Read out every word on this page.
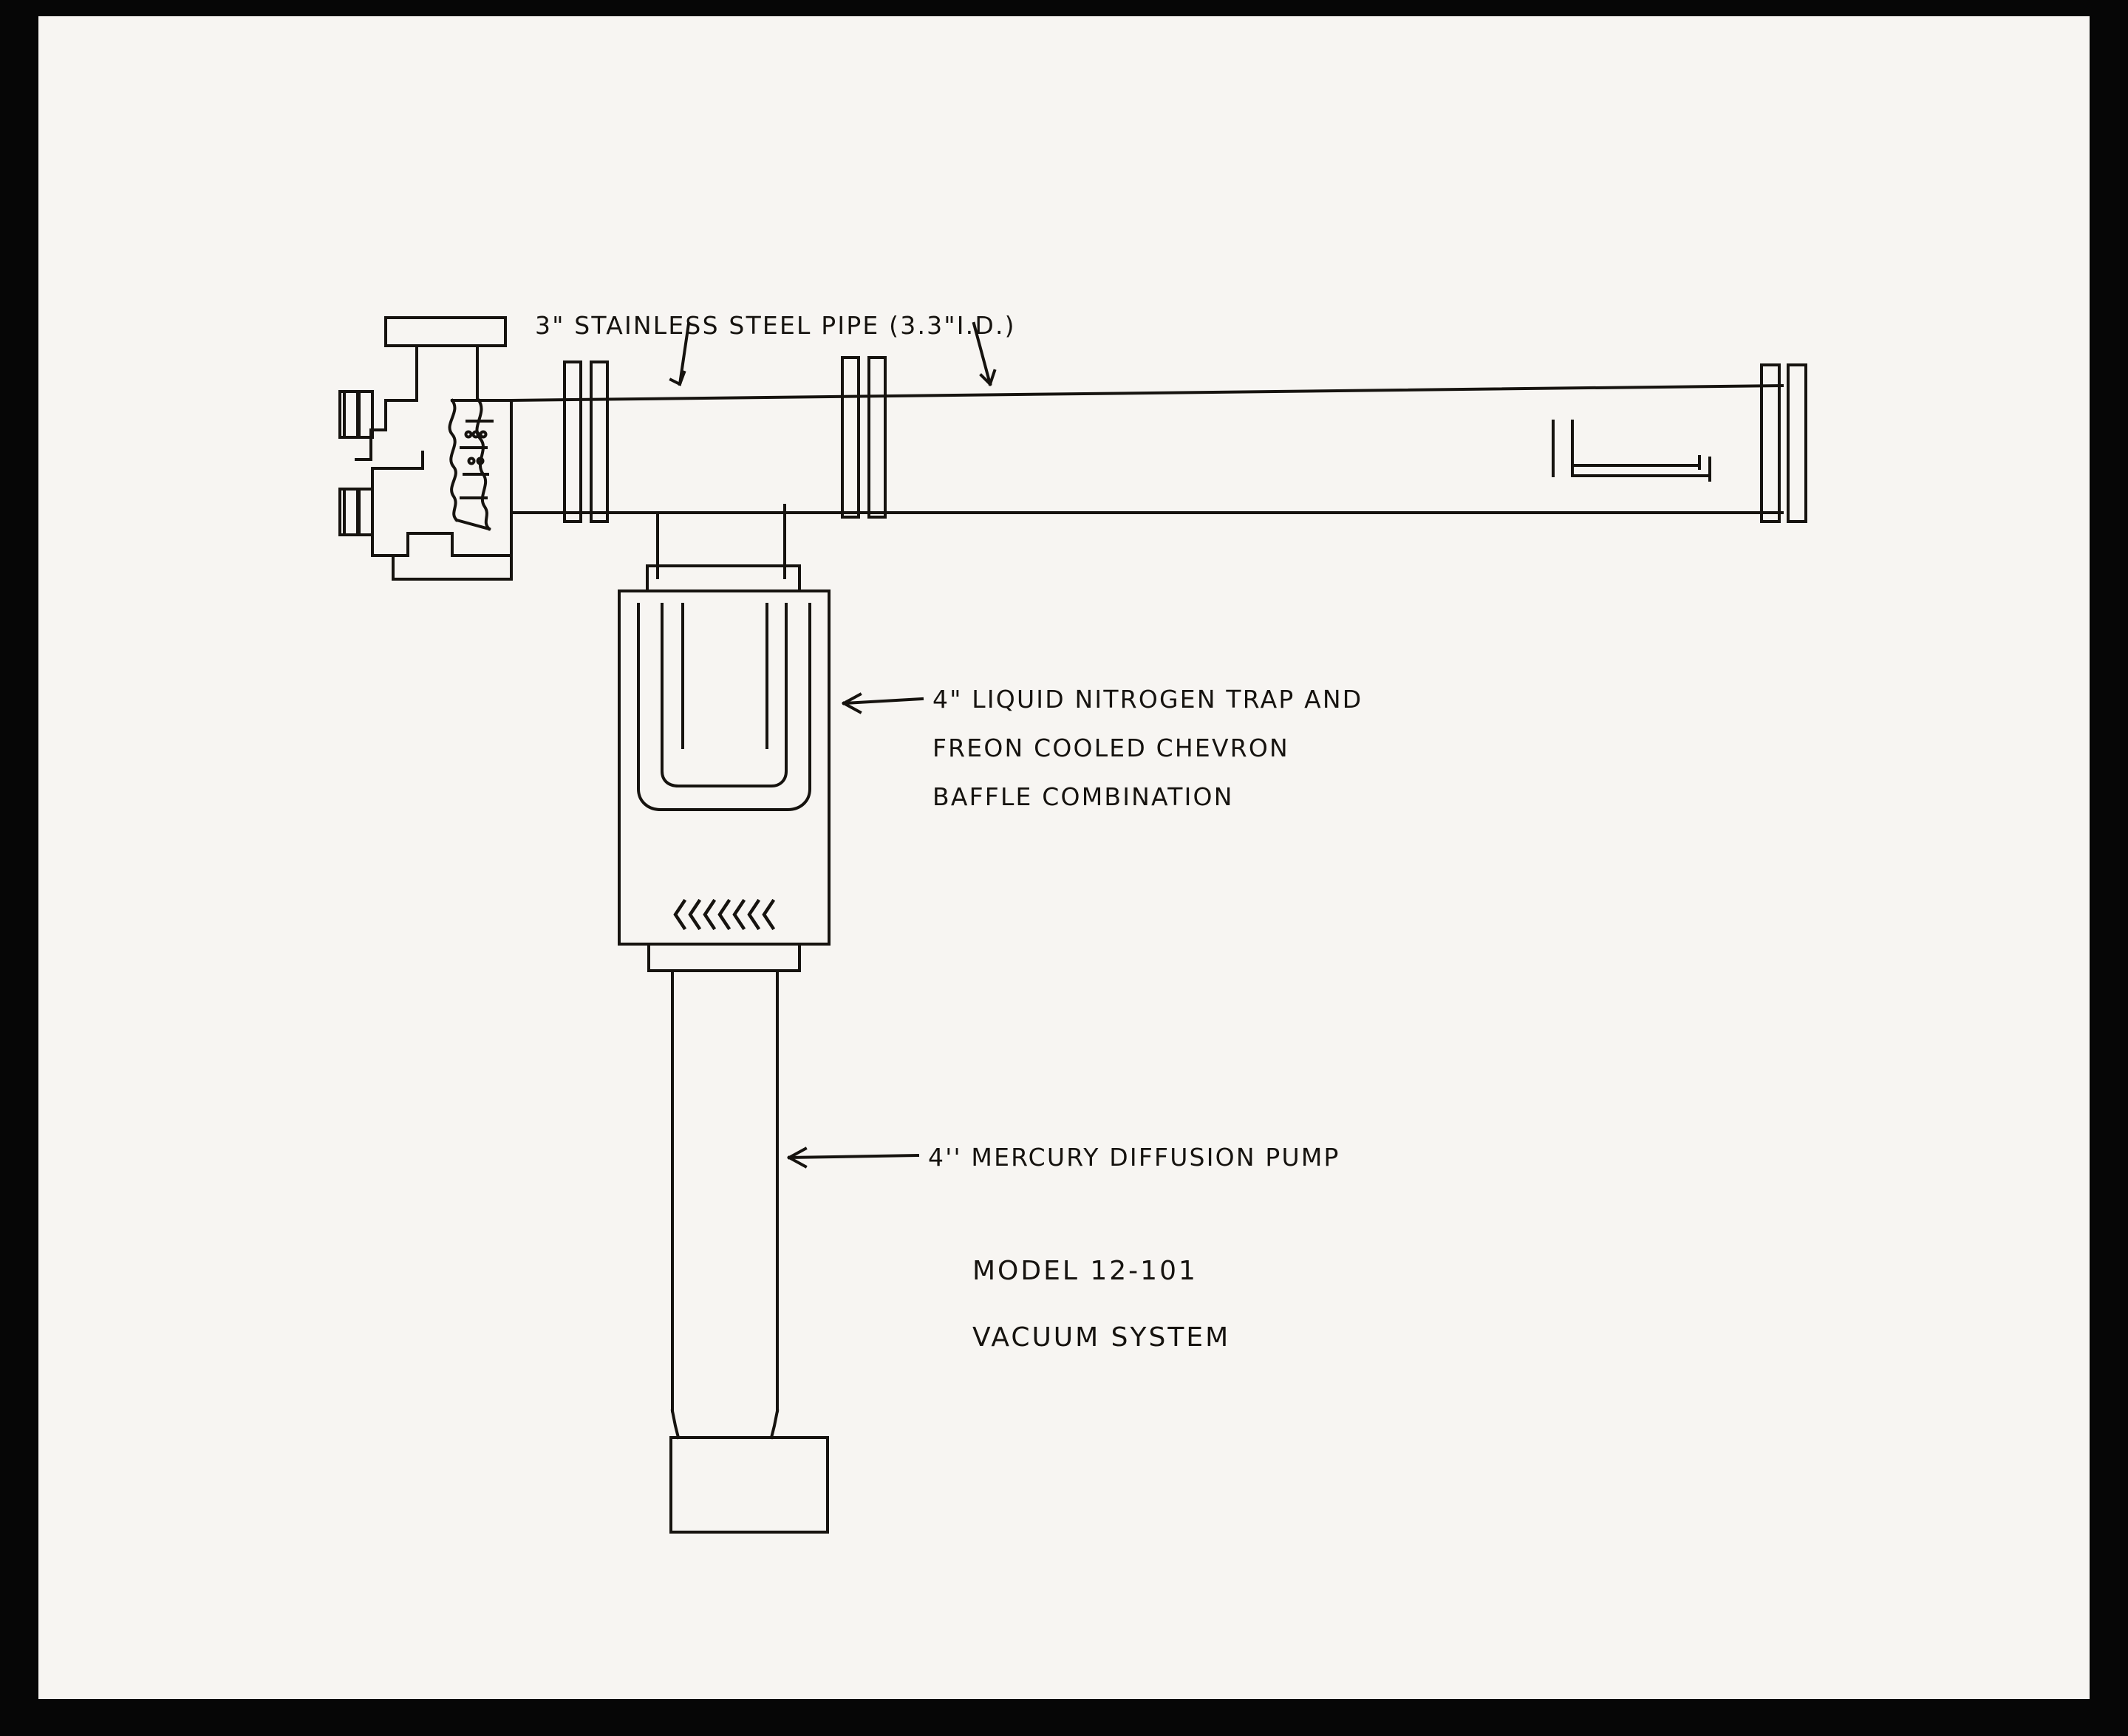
3" STAINLESS STEEL PIPE (3.3"I.D.)
4" LIQUID NITROGEN TRAP AND
FREON COOLED CHEVRON
BAFFLE COMBINATION
4'' MERCURY DIFFUSION PUMP
MODEL 12-101
VACUUM SYSTEM
